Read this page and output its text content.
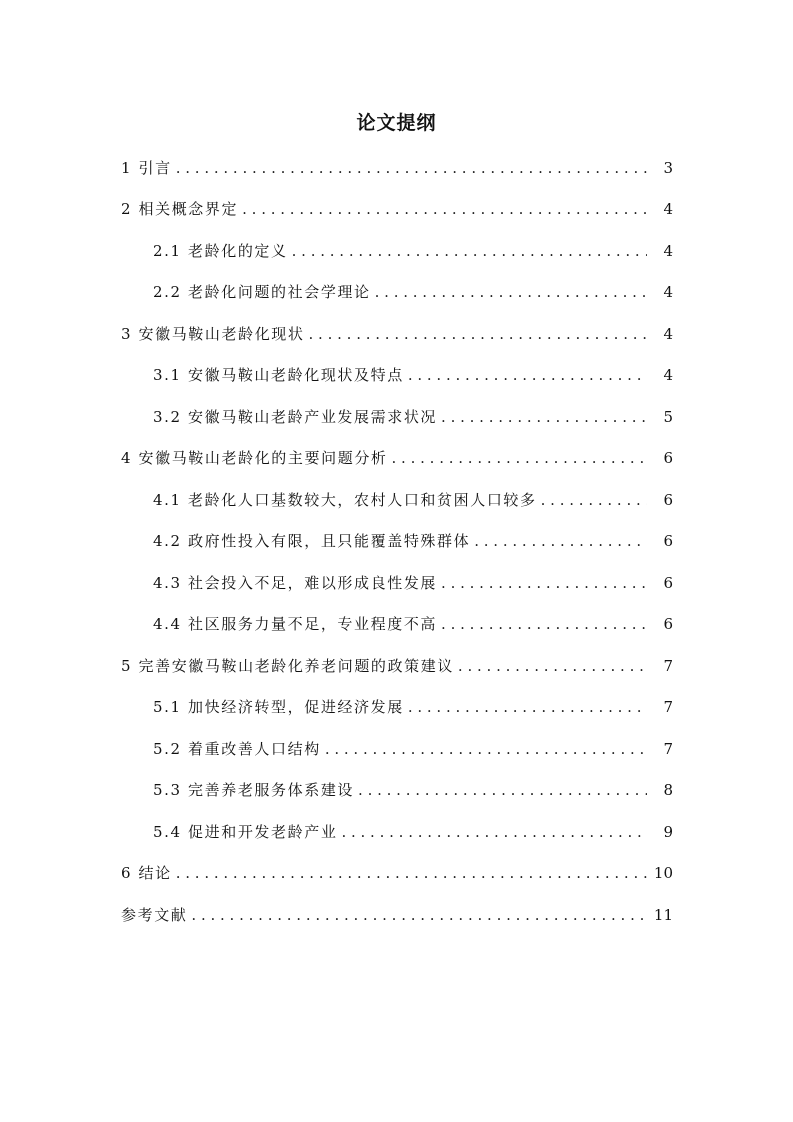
论文提纲
1 引言 . . .	3
2 相关概念界定 . . .	4
2.1 老龄化的定义 . . .	4
2.2 老龄化问题的社会学理论 . . .	4
3 安徽马鞍山老龄化现状 . . .	4
3.1 安徽马鞍山老龄化现状及特点 . . .	4
3.2 安徽马鞍山老龄产业发展需求状况 . . .	5
4 安徽马鞍山老龄化的主要问题分析 . . .	6
4.1 老龄化人口基数较大，农村人口和贫困人口较多 . . .	6
4.2 政府性投入有限，且只能覆盖特殊群体 . . .	6
4.3 社会投入不足，难以形成良性发展 . . .	6
4.4 社区服务力量不足，专业程度不高 . . .	6
5 完善安徽马鞍山老龄化养老问题的政策建议 . . .	7
5.1 加快经济转型，促进经济发展 . . .	7
5.2 着重改善人口结构 . . .	7
5.3 完善养老服务体系建设 . . .	8
5.4 促进和开发老龄产业 . . .	9
6 结论 . . .	10
参考文献 . . .	11
